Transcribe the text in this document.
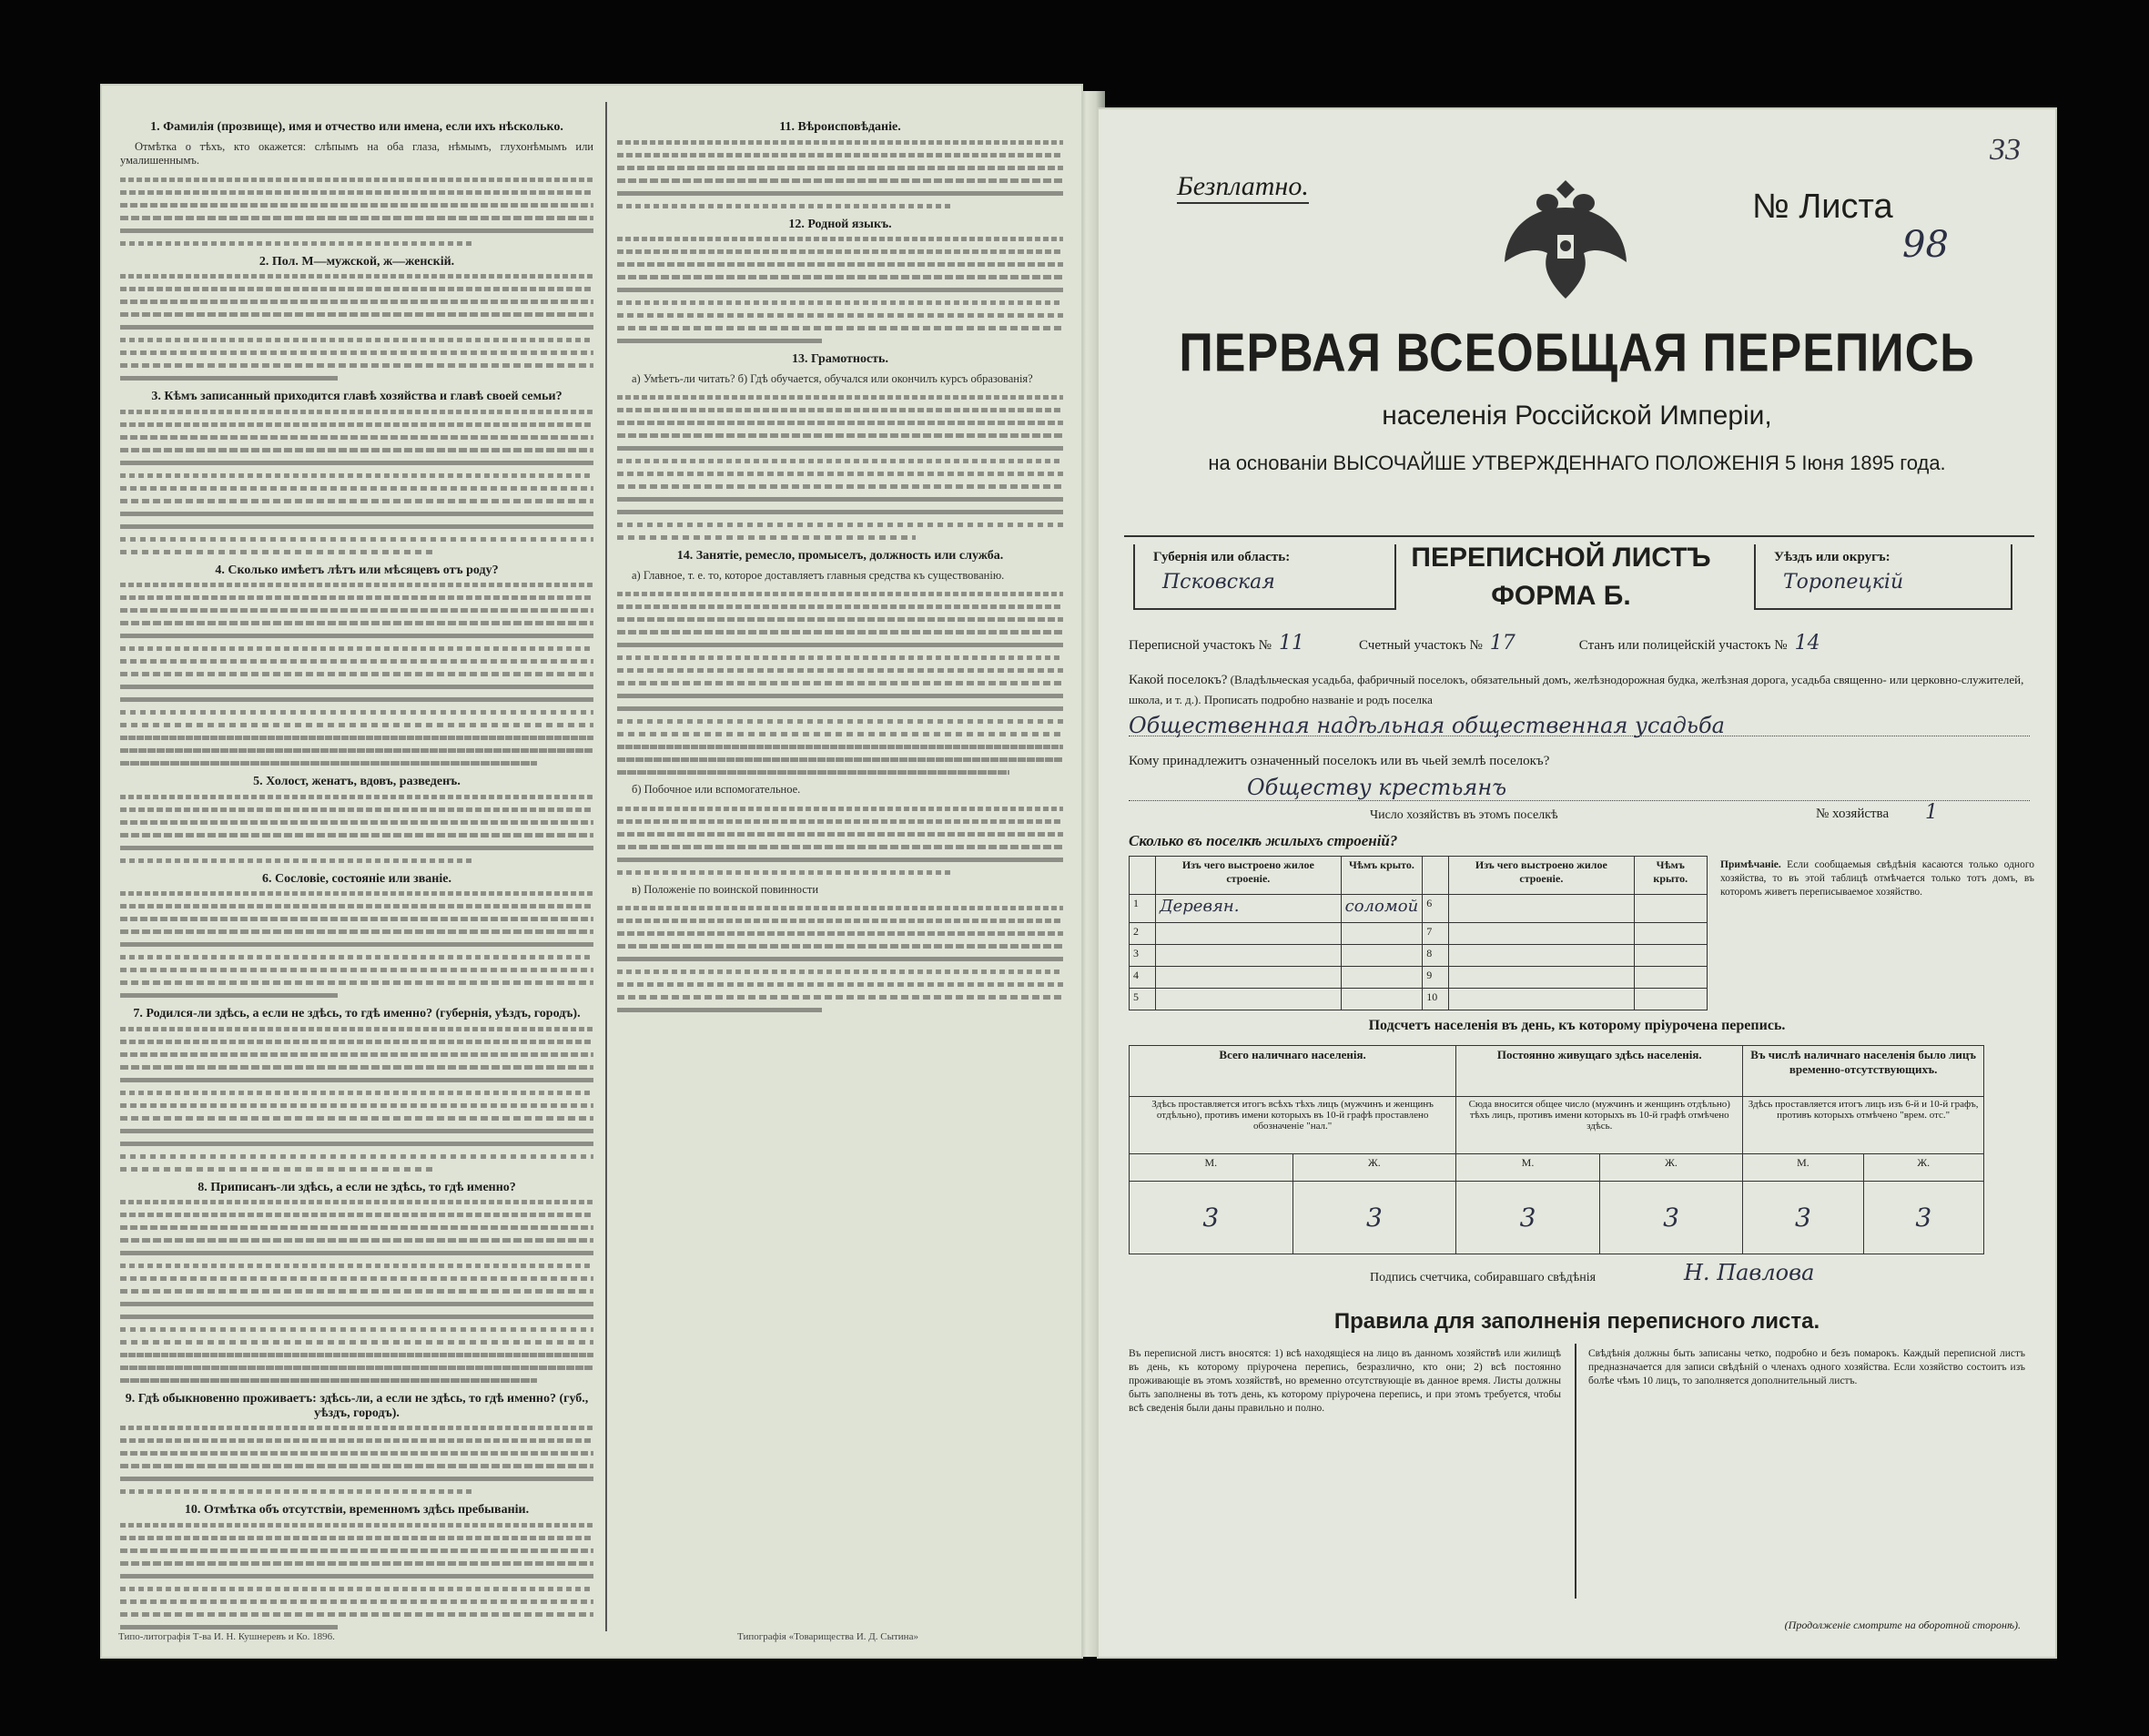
1. Фамилія (прозвище), имя и отчество или имена, если ихъ нѣсколько.

Отмѣтка о тѣхъ, кто окажется: слѣпымъ на оба глаза, нѣмымъ, глухонѣмымъ или умалишеннымъ.

2. Пол. М—мужской, ж—женскій.
3. Кѣмъ записанный приходится главѣ хозяйства и главѣ своей семьи?
4. Сколько имѣетъ лѣтъ или мѣсяцевъ отъ роду?
5. Холост, женатъ, вдовъ, разведенъ.
6. Сословіе, состояніе или званіе.
7. Родился-ли здѣсь, а если не здѣсь, то гдѣ именно? (губернія, уѣздъ, городъ).
8. Приписанъ-ли здѣсь, а если не здѣсь, то гдѣ именно?
9. Гдѣ обыкновенно проживаетъ: здѣсь-ли, а если не здѣсь, то гдѣ именно? (губ., уѣздъ, городъ).
10. Отмѣтка объ отсутствіи, временномъ здѣсь пребываніи.
11. Вѣроисповѣданіе.
12. Родной языкъ.
13. Грамотность.

а) Умѣетъ-ли читать? б) Гдѣ обучается, обучался или окончилъ курсъ образованія?

14. Занятіе, ремесло, промыселъ, должность или служба.

а) Главное, т. е. то, которое доставляетъ главныя средства къ существованію.

б) Побочное или вспомогательное.

в) Положеніе по воинской повинности

Типо-литографія Т-ва И. Н. Кушнеревъ и Ко. 1896.	Типографія «Товарищества И. Д. Сытина»
Безплатно.
33
№ Листа
98
ПЕРВАЯ ВСЕОБЩАЯ ПЕРЕПИСЬ
населенія Россійской Имперіи,
на основаніи ВЫСОЧАЙШЕ УТВЕРЖДЕННАГО ПОЛОЖЕНІЯ 5 Іюня 1895 года.
Губернія или область:
Псковская
ПЕРЕПИСНОЙ ЛИСТЪ
ФОРМА Б.
Уѣздъ или округъ:
Торопецкій
Переписной участокъ № 11	Счетный участокъ № 17	Станъ или полицейскій участокъ № 14
Какой поселокъ? (Владѣльческая усадьба, фабричный поселокъ, обязательный домъ, желѣзнодорожная будка, желѣзная дорога, усадьба священно- или церковно-служителей, школа, и т. д.). Прописать подробно названіе и родъ поселка
Общественная надѣльная общественная усадьба
Кому принадлежитъ означенный поселокъ или въ чьей землѣ поселокъ?
Обществу крестьянъ
Число хозяйствъ въ этомъ поселкѣ	№ хозяйства 1
Сколько въ поселкѣ жилыхъ строеній?
	Изъ чего выстроено жилое строеніе.	Чѣмъ крыто.		Изъ чего выстроено жилое строеніе.	Чѣмъ крыто.
1	Деревян.	соломой	6		
2			7		
3			8		
4			9		
5			10		
Примѣчаніе. Если сообщаемыя свѣдѣнія касаются только одного хозяйства, то въ этой таблицѣ отмѣчается только тотъ домъ, въ которомъ живетъ переписываемое хозяйство.
Подсчетъ населенія въ день, къ которому пріурочена перепись.
Всего наличнаго населенія.		Постоянно живущаго здѣсь населенія.		Въ числѣ наличнаго населенія было лицъ временно-отсутствующихъ.	
Здѣсь проставляется итогъ всѣхъ тѣхъ лицъ (мужчинъ и женщинъ отдѣльно), противъ имени которыхъ въ 10-й графѣ проставлено обозначеніе "нал."		Сюда вносится общее число (мужчинъ и женщинъ отдѣльно) тѣхъ лицъ, противъ имени которыхъ въ 10-й графѣ отмѣчено здѣсь.		Здѣсь проставляется итогъ лицъ изъ 6-й и 10-й графъ, противъ которыхъ отмѣчено "врем. отс."	
М.	Ж.	М.	Ж.	М.	Ж.
3	3	3	3	3	3
Подпись счетчика, собиравшаго свѣдѣнія	Н. Павлова
Правила для заполненія переписного листа.
Въ переписной листъ вносятся: 1) всѣ находящіеся на лицо въ данномъ хозяйствѣ или жилищѣ въ день, къ которому пріурочена перепись, безразлично, кто они; 2) всѣ постоянно проживающіе въ этомъ хозяйствѣ, но временно отсутствующіе въ данное время. Листы должны быть заполнены въ тотъ день, къ которому пріурочена перепись, и при этомъ требуется, чтобы всѣ сведенія были даны правильно и полно.
Свѣдѣнія должны быть записаны четко, подробно и безъ помарокъ. Каждый переписной листъ предназначается для записи свѣдѣній о членахъ одного хозяйства. Если хозяйство состоитъ изъ болѣе чѣмъ 10 лицъ, то заполняется дополнительный листъ.
(Продолженіе смотрите на оборотной сторонѣ).
